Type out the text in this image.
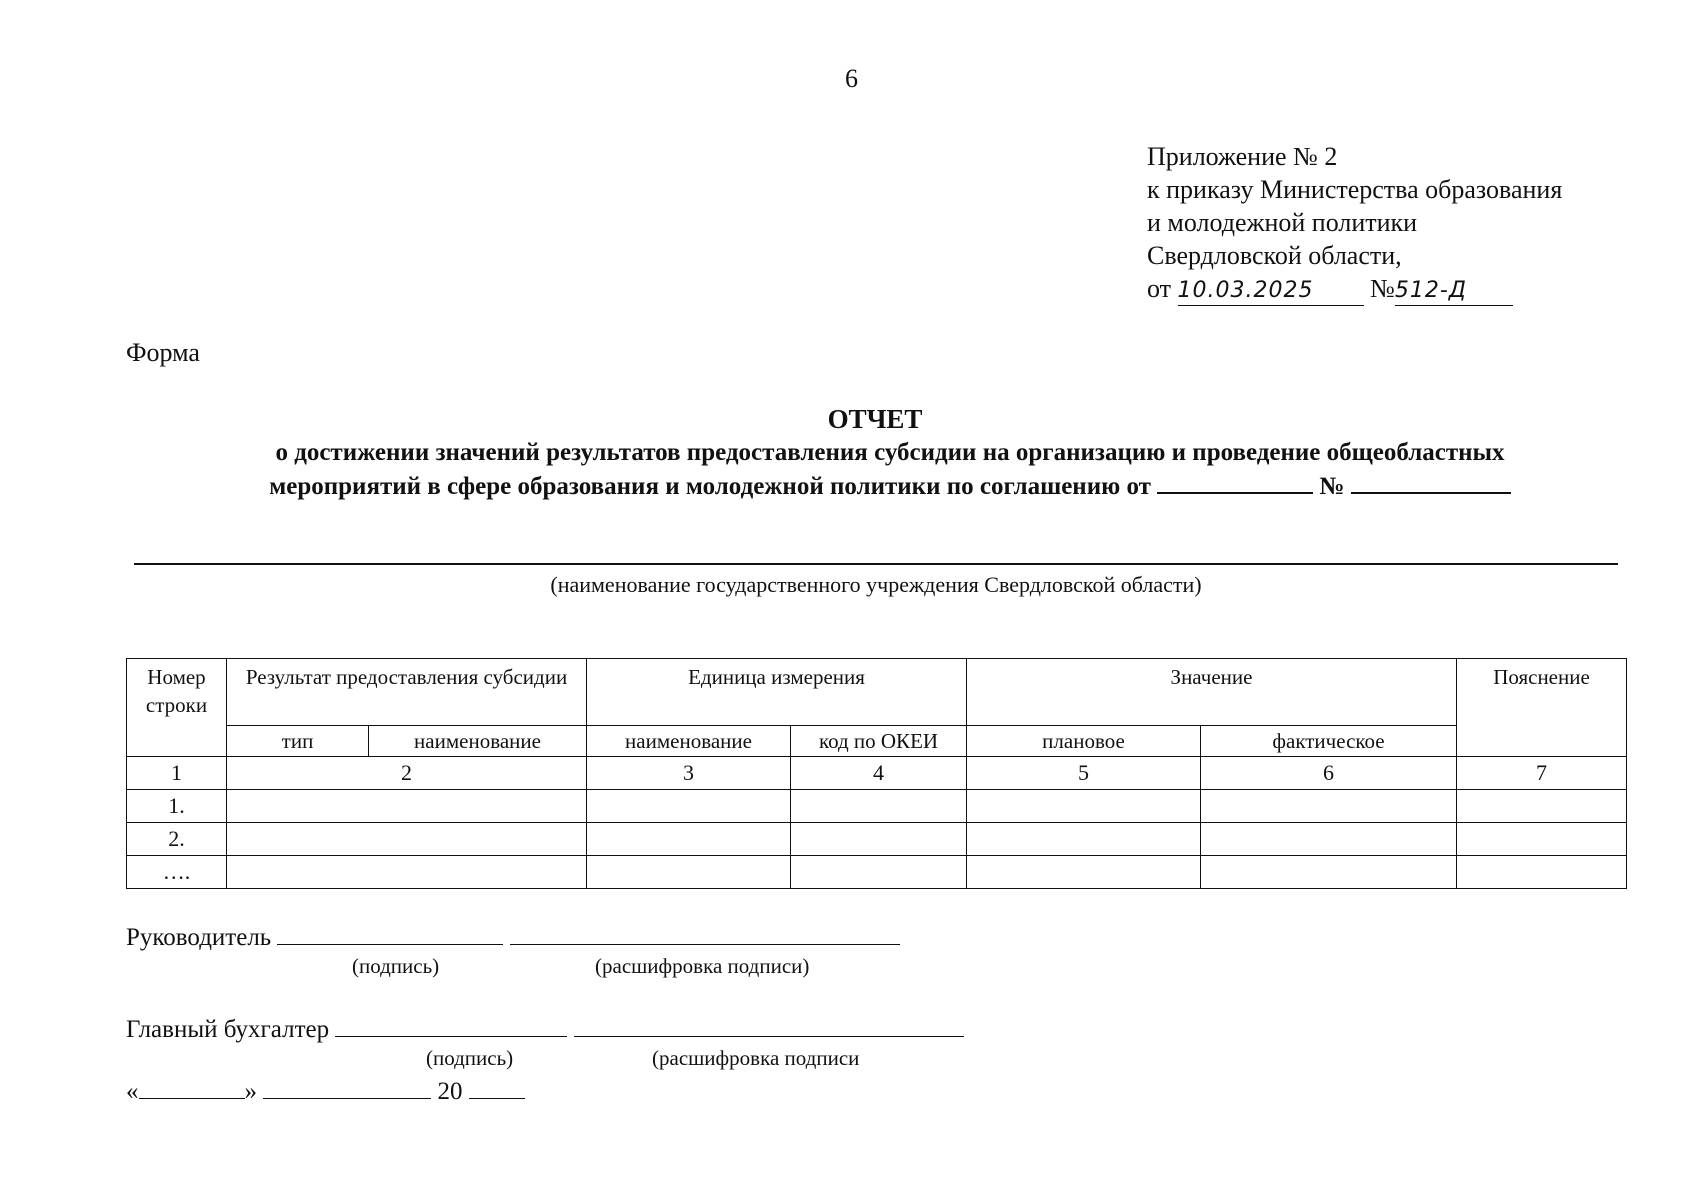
6
Приложение № 2
к приказу Министерства образования
и молодежной политики
Свердловской области,
от 10.03.2025 №512-Д
Форма
ОТЧЕТ
о достижении значений результатов предоставления субсидии на организацию и проведение общеобластных
мероприятий в сфере образования и молодежной политики по соглашению от	№
(наименование государственного учреждения Свердловской области)
Номер строки	Результат предоставления субсидии		Единица измерения		Значение		Пояснение
	тип	наименование	наименование	код по ОКЕИ	плановое	фактическое	
1	2		3	4	5	6	7
1.							
2.							
….							
Руководитель
(подпись)	(расшифровка подписи)
Главный бухгалтер
(подпись)	(расшифровка подписи
«	»	20
